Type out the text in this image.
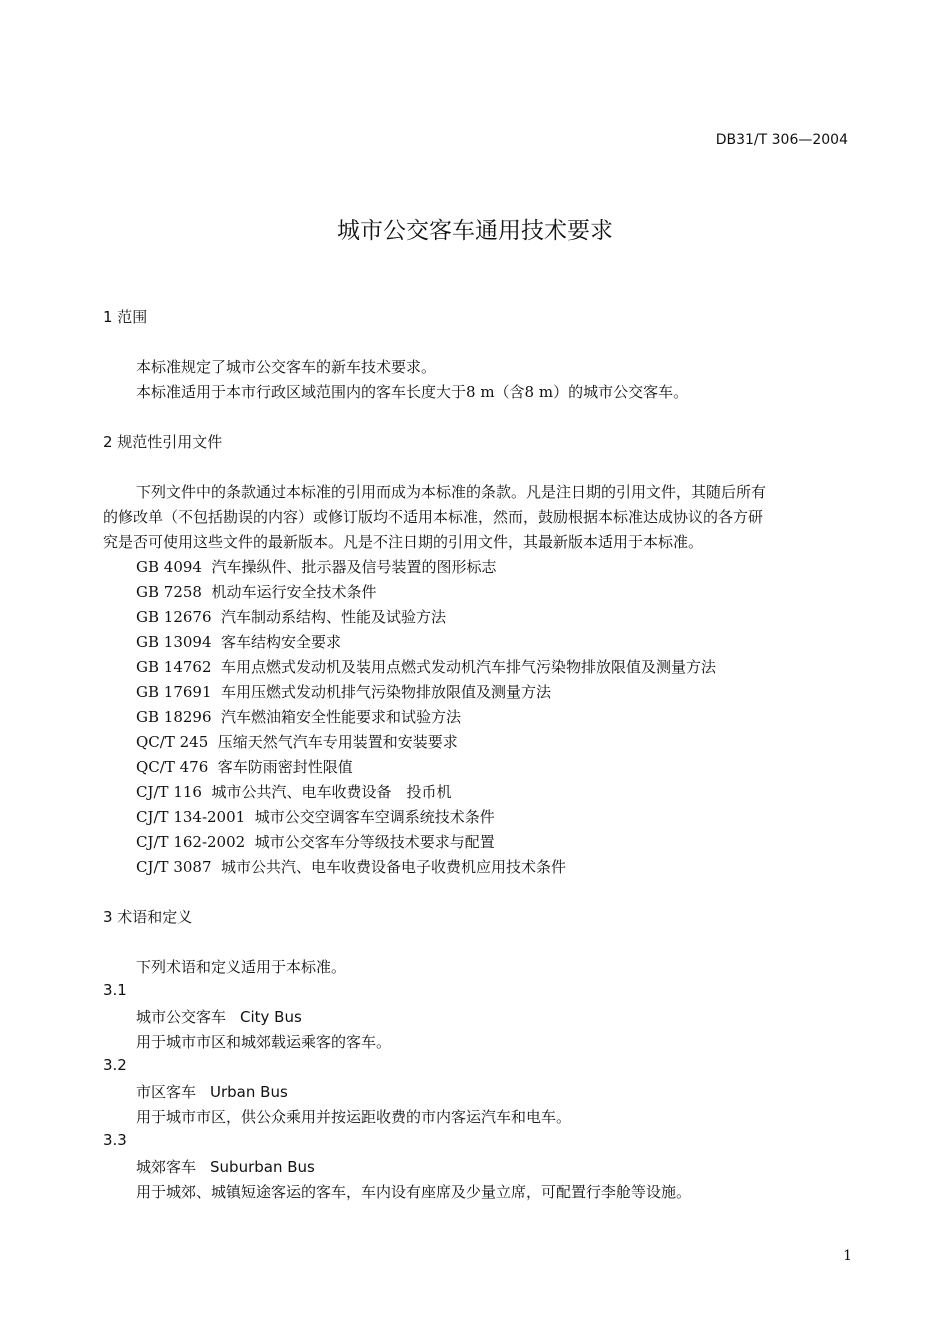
DB31/T 306—2004
城市公交客车通用技术要求
1 范围
本标准规定了城市公交客车的新车技术要求。
本标准适用于本市行政区域范围内的客车长度大于8 m（含8 m）的城市公交客车。
2 规范性引用文件
下列文件中的条款通过本标准的引用而成为本标准的条款。凡是注日期的引用文件，其随后所有
的修改单（不包括勘误的内容）或修订版均不适用本标准，然而，鼓励根据本标准达成协议的各方研
究是否可使用这些文件的最新版本。凡是不注日期的引用文件，其最新版本适用于本标准。
GB 4094 汽车操纵件、批示器及信号装置的图形标志
GB 7258 机动车运行安全技术条件
GB 12676 汽车制动系结构、性能及试验方法
GB 13094 客车结构安全要求
GB 14762 车用点燃式发动机及装用点燃式发动机汽车排气污染物排放限值及测量方法
GB 17691 车用压燃式发动机排气污染物排放限值及测量方法
GB 18296 汽车燃油箱安全性能要求和试验方法
QC/T 245 压缩天然气汽车专用装置和安装要求
QC/T 476 客车防雨密封性限值
CJ/T 116 城市公共汽、电车收费设备　投币机
CJ/T 134-2001 城市公交空调客车空调系统技术条件
CJ/T 162-2002 城市公交客车分等级技术要求与配置
CJ/T 3087 城市公共汽、电车收费设备电子收费机应用技术条件
3 术语和定义
下列术语和定义适用于本标准。
3.1
城市公交客车 City Bus
用于城市市区和城郊载运乘客的客车。
3.2
市区客车 Urban Bus
用于城市市区，供公众乘用并按运距收费的市内客运汽车和电车。
3.3
城郊客车 Suburban Bus
用于城郊、城镇短途客运的客车，车内设有座席及少量立席，可配置行李舱等设施。
1
